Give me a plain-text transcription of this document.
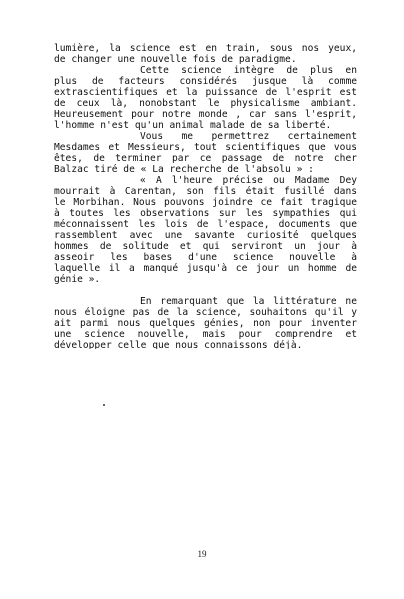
lumière, la science est en train, sous nos yeux,
de changer une nouvelle fois de paradigme.
Cette science intègre de plus en
plus de facteurs considérés jusque là comme
extrascientifiques et la puissance de l'esprit est
de ceux là, nonobstant le physicalisme ambiant.
Heureusement pour notre monde , car sans l'esprit,
l'homme n'est qu'un animal malade de sa liberté.
Vous me permettrez certainement
Mesdames et Messieurs, tout scientifiques que vous
êtes, de terminer par ce passage de notre cher
Balzac tiré de « La recherche de l'absolu » :
« A l'heure précise ou Madame Dey
mourrait à Carentan, son fils était fusillé dans
le Morbihan. Nous pouvons joindre ce fait tragique
à toutes les observations sur les sympathies qui
méconnaissent les lois de l'espace, documents que
rassemblent avec une savante curiosité quelques
hommes de solitude et qui serviront un jour à
asseoir les bases d'une science nouvelle à
laquelle il a manqué jusqu'à ce jour un homme de
génie ».
En remarquant que la littérature ne
nous éloigne pas de la science, souhaitons qu'il y
ait parmi nous quelques génies, non pour inventer
une science nouvelle, mais pour comprendre et
développer celle que nous connaissons déjà.
19
